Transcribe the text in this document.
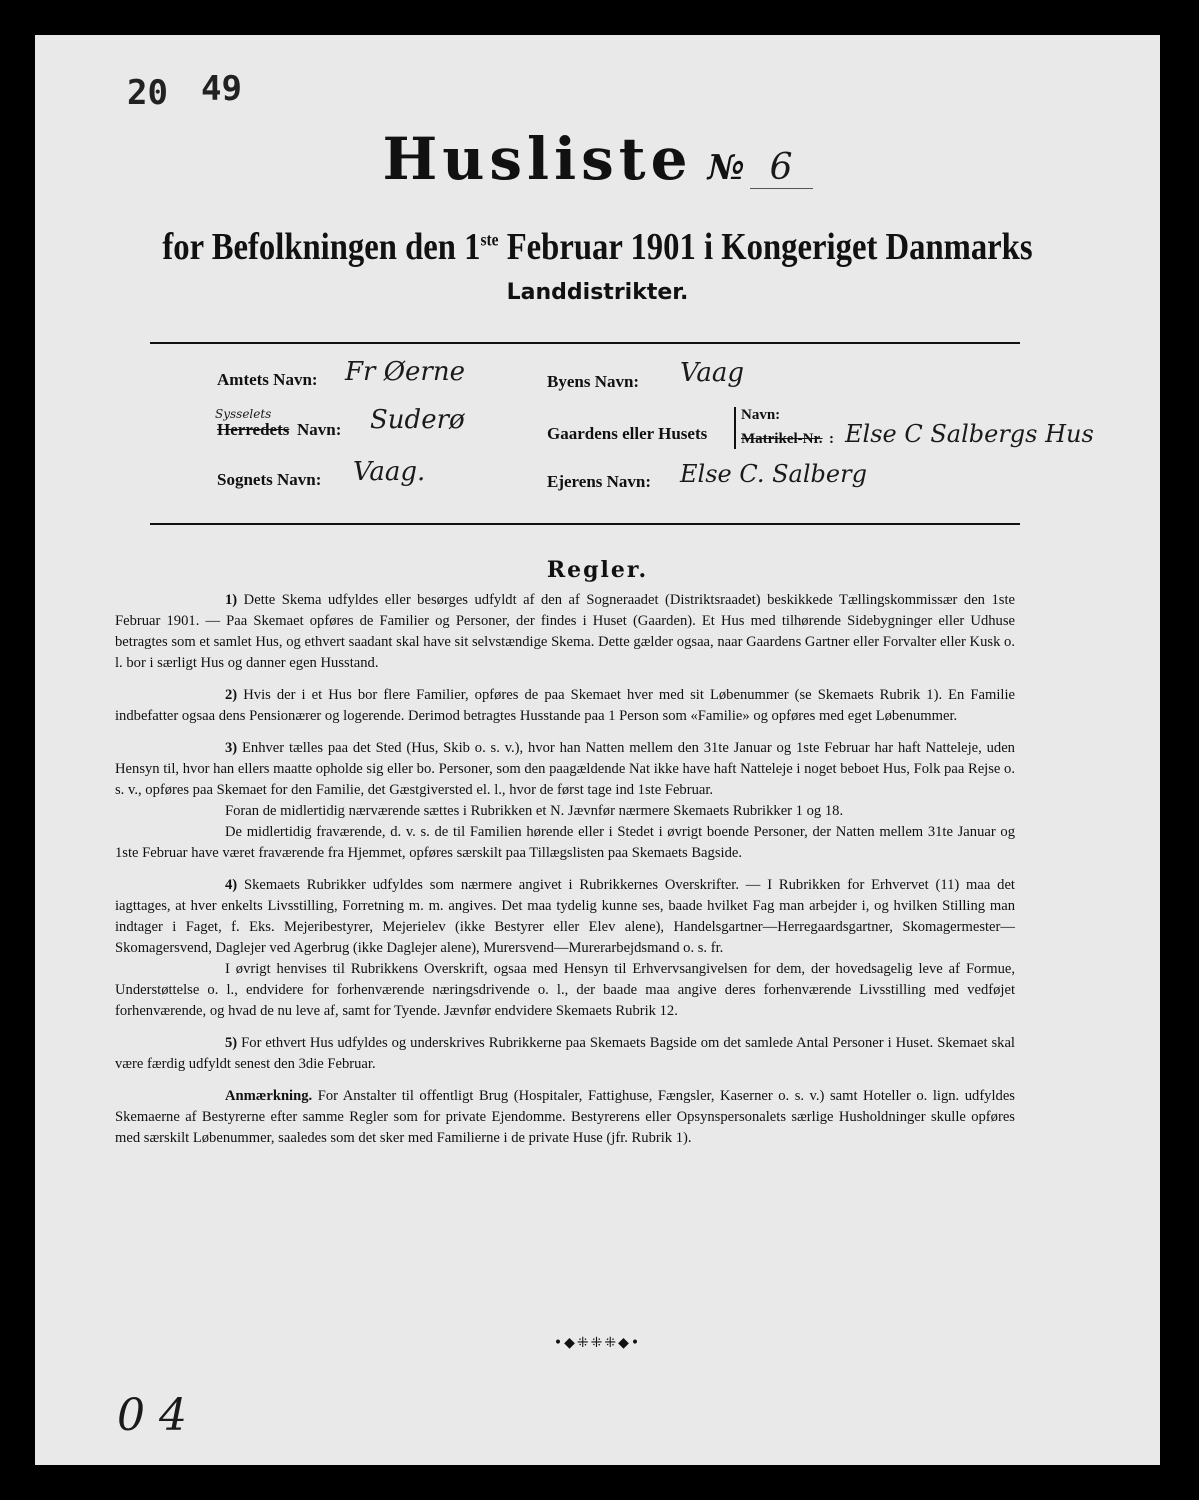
20 49
Husliste № 6
for Befolkningen den 1ste Februar 1901 i Kongeriget Danmarks
Landdistrikter.
Amtets Navn: Fr Øerne
Sysselets
Herredets Navn: Suderø
Sognets Navn: Vaag.
Byens Navn: Vaag
Gaardens eller Husets
Navn:
Matrikel-Nr. : Else C Salbergs Hus
Ejerens Navn: Else C. Salberg
Regler.

1) Dette Skema udfyldes eller besørges udfyldt af den af Sogneraadet (Distriktsraadet) beskikkede Tællingskommissær den 1ste Februar 1901. — Paa Skemaet opføres de Familier og Personer, der findes i Huset (Gaarden). Et Hus med tilhørende Sidebygninger eller Udhuse betragtes som et samlet Hus, og ethvert saadant skal have sit selvstændige Skema. Dette gælder ogsaa, naar Gaardens Gartner eller Forvalter eller Kusk o. l. bor i særligt Hus og danner egen Husstand.

2) Hvis der i et Hus bor flere Familier, opføres de paa Skemaet hver med sit Løbenummer (se Skemaets Rubrik 1). En Familie indbefatter ogsaa dens Pensionærer og logerende. Derimod betragtes Husstande paa 1 Person som «Familie» og opføres med eget Løbenummer.

3) Enhver tælles paa det Sted (Hus, Skib o. s. v.), hvor han Natten mellem den 31te Januar og 1ste Februar har haft Natteleje, uden Hensyn til, hvor han ellers maatte opholde sig eller bo. Personer, som den paagældende Nat ikke have haft Natteleje i noget beboet Hus, Folk paa Rejse o. s. v., opføres paa Skemaet for den Familie, det Gæstgiversted el. l., hvor de først tage ind 1ste Februar.

Foran de midlertidig nærværende sættes i Rubrikken et N. Jævnfør nærmere Skemaets Rubrikker 1 og 18.

De midlertidig fraværende, d. v. s. de til Familien hørende eller i Stedet i øvrigt boende Personer, der Natten mellem 31te Januar og 1ste Februar have været fraværende fra Hjemmet, opføres særskilt paa Tillægslisten paa Skemaets Bagside.

4) Skemaets Rubrikker udfyldes som nærmere angivet i Rubrikkernes Overskrifter. — I Rubrikken for Erhvervet (11) maa det iagttages, at hver enkelts Livsstilling, Forretning m. m. angives. Det maa tydelig kunne ses, baade hvilket Fag man arbejder i, og hvilken Stilling man indtager i Faget, f. Eks. Mejeribestyrer, Mejerielev (ikke Bestyrer eller Elev alene), Handelsgartner—Herregaardsgartner, Skomagermester—Skomagersvend, Daglejer ved Agerbrug (ikke Daglejer alene), Murersvend—Murerarbejdsmand o. s. fr.

I øvrigt henvises til Rubrikkens Overskrift, ogsaa med Hensyn til Erhvervsangivelsen for dem, der hovedsagelig leve af Formue, Understøttelse o. l., endvidere for forhenværende næringsdrivende o. l., der baade maa angive deres forhenværende Livsstilling med vedføjet forhenværende, og hvad de nu leve af, samt for Tyende. Jævnfør endvidere Skemaets Rubrik 12.

5) For ethvert Hus udfyldes og underskrives Rubrikkerne paa Skemaets Bagside om det samlede Antal Personer i Huset. Skemaet skal være færdig udfyldt senest den 3die Februar.

Anmærkning. For Anstalter til offentligt Brug (Hospitaler, Fattighuse, Fængsler, Kaserner o. s. v.) samt Hoteller o. lign. udfyldes Skemaerne af Bestyrerne efter samme Regler som for private Ejendomme. Bestyrerens eller Opsynspersonalets særlige Husholdninger skulle opføres med særskilt Løbenummer, saaledes som det sker med Familierne i de private Huse (jfr. Rubrik 1).

•◆⁜⁜⁜◆•
0 4
